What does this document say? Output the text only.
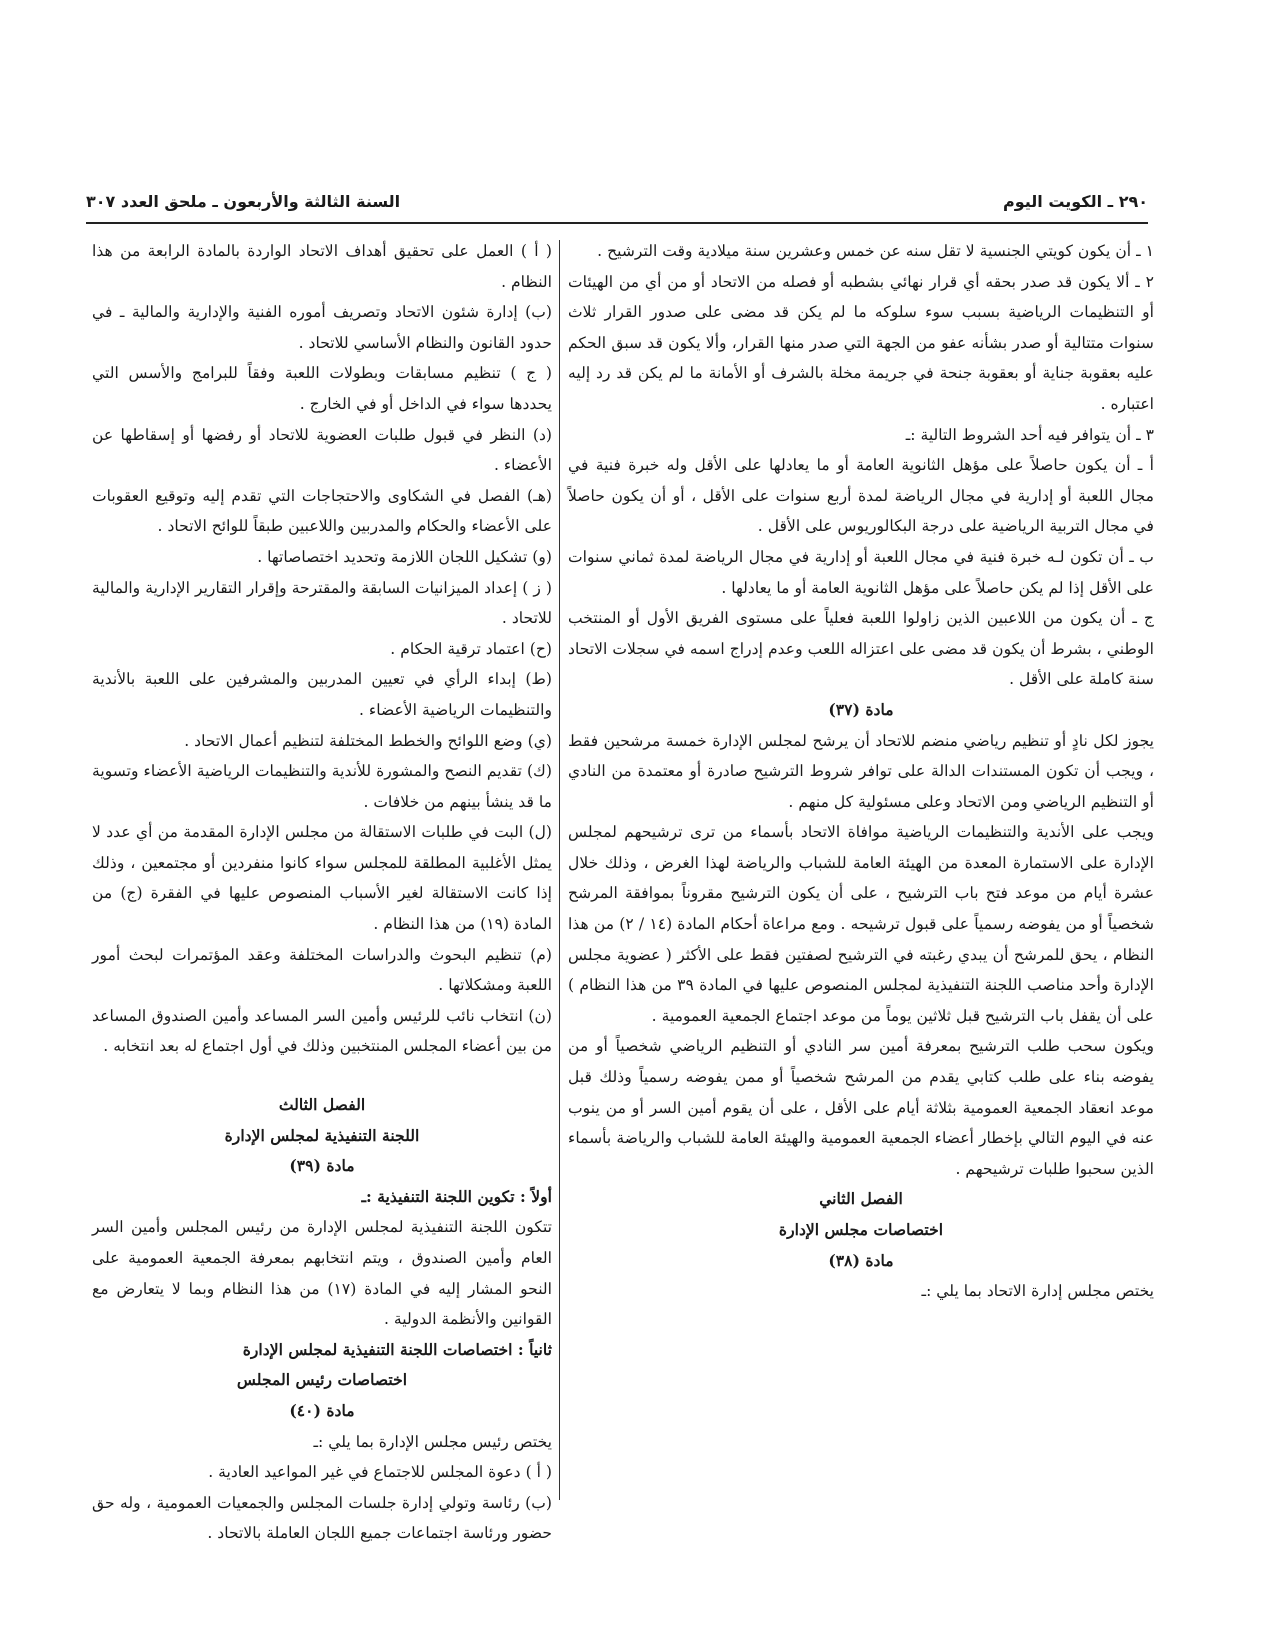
٢٩٠ ـ الكويت اليوم
السنة الثالثة والأربعون ـ ملحق العدد ٣٠٧

١ ـ أن يكون كويتي الجنسية لا تقل سنه عن خمس وعشرين سنة ميلادية وقت الترشيح .

٢ ـ ألا يكون قد صدر بحقه أي قرار نهائي بشطبه أو فصله من الاتحاد أو من أي من الهيئات أو التنظيمات الرياضية بسبب سوء سلوكه ما لم يكن قد مضى على صدور القرار ثلاث سنوات متتالية أو صدر بشأنه عفو من الجهة التي صدر منها القرار، وألا يكون قد سبق الحكم عليه بعقوبة جناية أو بعقوبة جنحة في جريمة مخلة بالشرف أو الأمانة ما لم يكن قد رد إليه اعتباره .

٣ ـ أن يتوافر فيه أحد الشروط التالية :ـ

أ ـ أن يكون حاصلاً على مؤهل الثانوية العامة أو ما يعادلها على الأقل وله خبرة فنية في مجال اللعبة أو إدارية في مجال الرياضة لمدة أربع سنوات على الأقل ، أو أن يكون حاصلاً في مجال التربية الرياضية على درجة البكالوريوس على الأقل .

ب ـ أن تكون لـه خبرة فنية في مجال اللعبة أو إدارية في مجال الرياضة لمدة ثماني سنوات على الأقل إذا لم يكن حاصلاً على مؤهل الثانوية العامة أو ما يعادلها .

ج ـ أن يكون من اللاعبين الذين زاولوا اللعبة فعلياً على مستوى الفريق الأول أو المنتخب الوطني ، بشرط أن يكون قد مضى على اعتزاله اللعب وعدم إدراج اسمه في سجلات الاتحاد سنة كاملة على الأقل .

مادة (٣٧)

يجوز لكل نادٍ أو تنظيم رياضي منضم للاتحاد أن يرشح لمجلس الإدارة خمسة مرشحين فقط ، ويجب أن تكون المستندات الدالة على توافر شروط الترشيح صادرة أو معتمدة من النادي أو التنظيم الرياضي ومن الاتحاد وعلى مسئولية كل منهم .

ويجب على الأندية والتنظيمات الرياضية موافاة الاتحاد بأسماء من ترى ترشيحهم لمجلس الإدارة على الاستمارة المعدة من الهيئة العامة للشباب والرياضة لهذا الغرض ، وذلك خلال عشرة أيام من موعد فتح باب الترشيح ، على أن يكون الترشيح مقروناً بموافقة المرشح شخصياً أو من يفوضه رسمياً على قبول ترشيحه . ومع مراعاة أحكام المادة (١٤ / ٢) من هذا النظام ، يحق للمرشح أن يبدي رغبته في الترشيح لصفتين فقط على الأكثر ( عضوية مجلس الإدارة وأحد مناصب اللجنة التنفيذية لمجلس المنصوص عليها في المادة ٣٩ من هذا النظام ) على أن يقفل باب الترشيح قبل ثلاثين يوماً من موعد اجتماع الجمعية العمومية .

ويكون سحب طلب الترشيح بمعرفة أمين سر النادي أو التنظيم الرياضي شخصياً أو من يفوضه بناء على طلب كتابي يقدم من المرشح شخصياً أو ممن يفوضه رسمياً وذلك قبل موعد انعقاد الجمعية العمومية بثلاثة أيام على الأقل ، على أن يقوم أمين السر أو من ينوب عنه في اليوم التالي بإخطار أعضاء الجمعية العمومية والهيئة العامة للشباب والرياضة بأسماء الذين سحبوا طلبات ترشيحهم .

الفصل الثاني

اختصاصات مجلس الإدارة

مادة (٣٨)

يختص مجلس إدارة الاتحاد بما يلي :ـ

( أ ) العمل على تحقيق أهداف الاتحاد الواردة بالمادة الرابعة من هذا النظام .

(ب) إدارة شئون الاتحاد وتصريف أموره الفنية والإدارية والمالية ـ في حدود القانون والنظام الأساسي للاتحاد .

( ج ) تنظيم مسابقات وبطولات اللعبة وفقاً للبرامج والأسس التي يحددها سواء في الداخل أو في الخارج .

(د) النظر في قبول طلبات العضوية للاتحاد أو رفضها أو إسقاطها عن الأعضاء .

(هـ) الفصل في الشكاوى والاحتجاجات التي تقدم إليه وتوقيع العقوبات على الأعضاء والحكام والمدربين واللاعبين طبقاً للوائح الاتحاد .

(و) تشكيل اللجان اللازمة وتحديد اختصاصاتها .

( ز ) إعداد الميزانيات السابقة والمقترحة وإقرار التقارير الإدارية والمالية للاتحاد .

(ح) اعتماد ترقية الحكام .

(ط) إبداء الرأي في تعيين المدربين والمشرفين على اللعبة بالأندية والتنظيمات الرياضية الأعضاء .

(ي) وضع اللوائح والخطط المختلفة لتنظيم أعمال الاتحاد .

(ك) تقديم النصح والمشورة للأندية والتنظيمات الرياضية الأعضاء وتسوية ما قد ينشأ بينهم من خلافات .

(ل) البت في طلبات الاستقالة من مجلس الإدارة المقدمة من أي عدد لا يمثل الأغلبية المطلقة للمجلس سواء كانوا منفردين أو مجتمعين ، وذلك إذا كانت الاستقالة لغير الأسباب المنصوص عليها في الفقرة (ج) من المادة (١٩) من هذا النظام .

(م) تنظيم البحوث والدراسات المختلفة وعقد المؤتمرات لبحث أمور اللعبة ومشكلاتها .

(ن) انتخاب نائب للرئيس وأمين السر المساعد وأمين الصندوق المساعد من بين أعضاء المجلس المنتخبين وذلك في أول اجتماع له بعد انتخابه .

الفصل الثالث

اللجنة التنفيذية لمجلس الإدارة

مادة (٣٩)

أولاً : تكوين اللجنة التنفيذية :ـ

تتكون اللجنة التنفيذية لمجلس الإدارة من رئيس المجلس وأمين السر العام وأمين الصندوق ، ويتم انتخابهم بمعرفة الجمعية العمومية على النحو المشار إليه في المادة (١٧) من هذا النظام وبما لا يتعارض مع القوانين والأنظمة الدولية .

ثانياً : اختصاصات اللجنة التنفيذية لمجلس الإدارة

اختصاصات رئيس المجلس

مادة (٤٠)

يختص رئيس مجلس الإدارة بما يلي :ـ

( أ ) دعوة المجلس للاجتماع في غير المواعيد العادية .

(ب) رئاسة وتولي إدارة جلسات المجلس والجمعيات العمومية ، وله حق حضور ورئاسة اجتماعات جميع اللجان العاملة بالاتحاد .
